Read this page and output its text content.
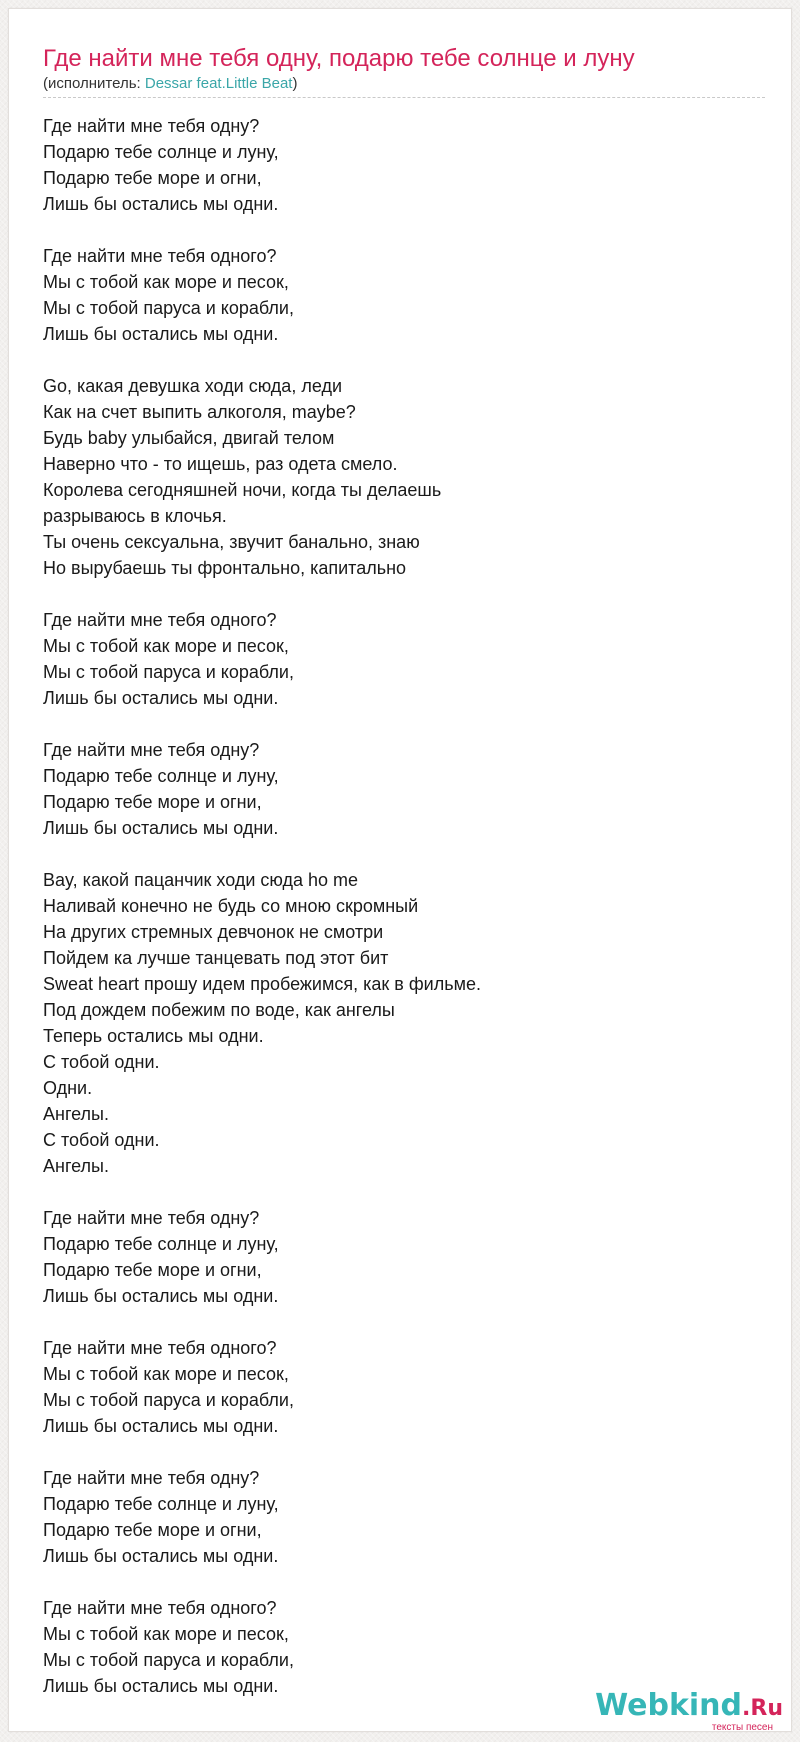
Где найти мне тебя одну, подарю тебе солнце и луну
(исполнитель: Dessar feat.Little Beat)
Где найти мне тебя одну?
Подарю тебе солнце и луну,
Подарю тебе море и огни,
Лишь бы остались мы одни.
Где найти мне тебя одного?
Мы с тобой как море и песок,
Мы с тобой паруса и корабли,
Лишь бы остались мы одни.
Go, какая девушка ходи сюда, леди
Как на счет выпить алкоголя, maybe?
Будь baby улыбайся, двигай телом
Наверно что - то ищешь, раз одета смело.
Королева сегодняшней ночи, когда ты делаешь
разрываюсь в клочья.
Ты очень сексуальна, звучит банально, знаю
Но вырубаешь ты фронтально, капитально
Где найти мне тебя одного?
Мы с тобой как море и песок,
Мы с тобой паруса и корабли,
Лишь бы остались мы одни.
Где найти мне тебя одну?
Подарю тебе солнце и луну,
Подарю тебе море и огни,
Лишь бы остались мы одни.
Вay, какой пацанчик ходи сюда ho me
Наливай конечно не будь со мною скромный
На других стремных девчонок не смотри
Пойдем ка лучше танцевать под этот бит
Sweat heart прошу идем пробежимся, как в фильме.
Под дождем побежим по воде, как ангелы
Теперь остались мы одни.
С тобой одни.
Одни.
Ангелы.
С тобой одни.
Ангелы.
Где найти мне тебя одну?
Подарю тебе солнце и луну,
Подарю тебе море и огни,
Лишь бы остались мы одни.
Где найти мне тебя одного?
Мы с тобой как море и песок,
Мы с тобой паруса и корабли,
Лишь бы остались мы одни.
Где найти мне тебя одну?
Подарю тебе солнце и луну,
Подарю тебе море и огни,
Лишь бы остались мы одни.
Где найти мне тебя одного?
Мы с тобой как море и песок,
Мы с тобой паруса и корабли,
Лишь бы остались мы одни.
Webkind.Ru
тексты песен
